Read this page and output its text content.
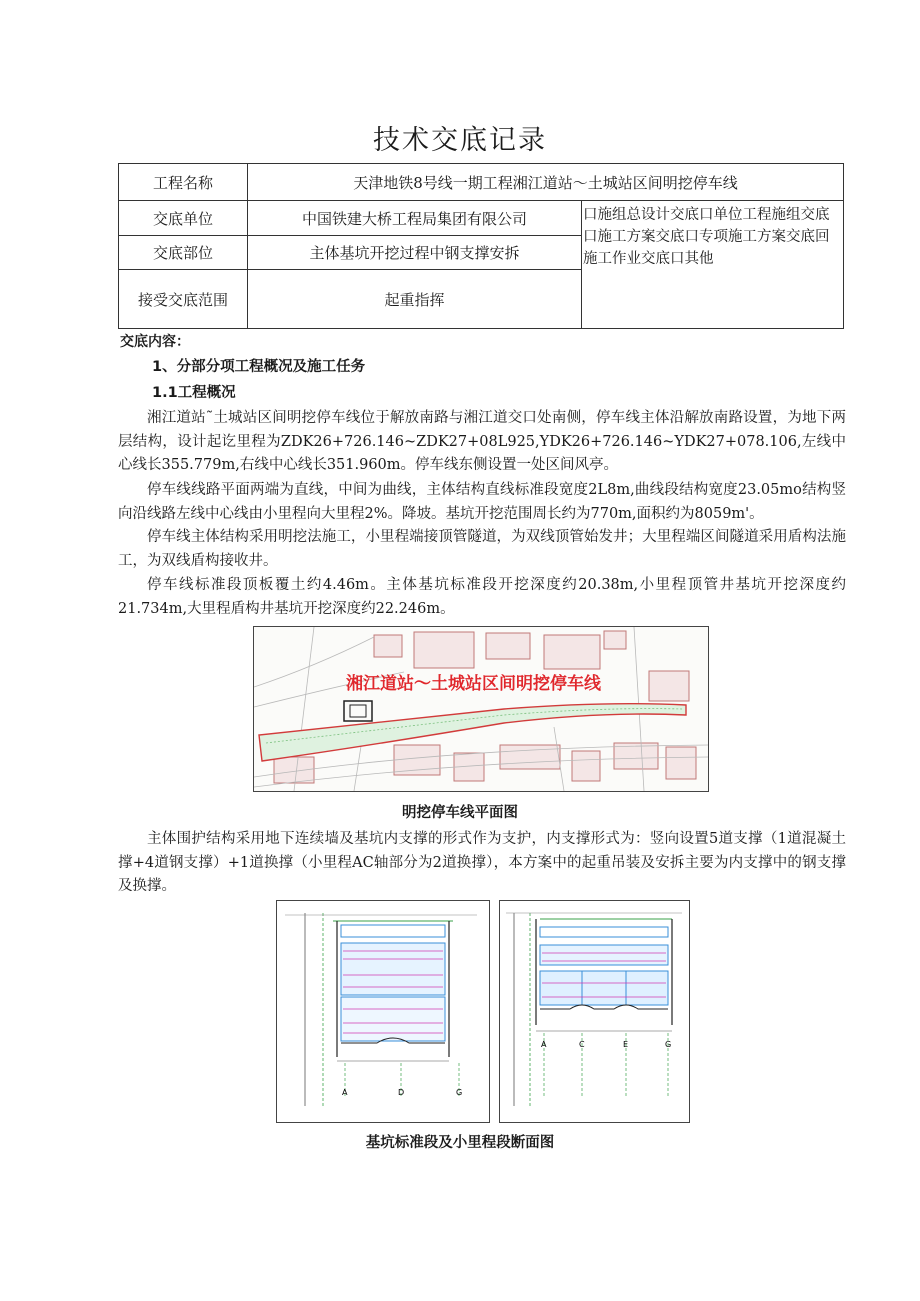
技术交底记录
工程名称	天津地铁8号线一期工程湘江道站～土城站区间明挖停车线	
交底单位	中国铁建大桥工程局集团有限公司	口施组总设计交底口单位工程施组交底
口施工方案交底口专项施工方案交底回
施工作业交底口其他

交底部位	主体基坑开挖过程中钢支撑安拆	
接受交底范围	起重指挥	
交底内容：
1、分部分项工程概况及施工任务
1.1工程概况
湘江道站˜土城站区间明挖停车线位于解放南路与湘江道交口处南侧，停车线主体沿解放南路设置，为地下两层结构，设计起讫里程为ZDK26+726.146~ZDK27+08L925,YDK26+726.146~YDK27+078.106,左线中心线长355.779m,右线中心线长351.960m。停车线东侧设置一处区间风亭。
停车线线路平面两端为直线，中间为曲线，主体结构直线标准段宽度2L8m,曲线段结构宽度23.05mo结构竖向沿线路左线中心线由小里程向大里程2%。降坡。基坑开挖范围周长约为770m,面积约为8059m'。
停车线主体结构采用明挖法施工，小里程端接顶管隧道，为双线顶管始发井；大里程端区间隧道采用盾构法施工，为双线盾构接收井。
停车线标准段顶板覆土约4.46m。主体基坑标准段开挖深度约20.38m,小里程顶管井基坑开挖深度约21.734m,大里程盾构井基坑开挖深度约22.246m。
湘江道站～土城站区间明挖停车线
明挖停车线平面图
主体围护结构采用地下连续墙及基坑内支撑的形式作为支护，内支撑形式为：竖向设置5道支撑（1道混凝土撑+4道钢支撑）+1道换撑（小里程AC轴部分为2道换撑），本方案中的起重吊装及安拆主要为内支撑中的钢支撑及换撑。
A	D	G
A	C	E	G
基坑标准段及小里程段断面图
